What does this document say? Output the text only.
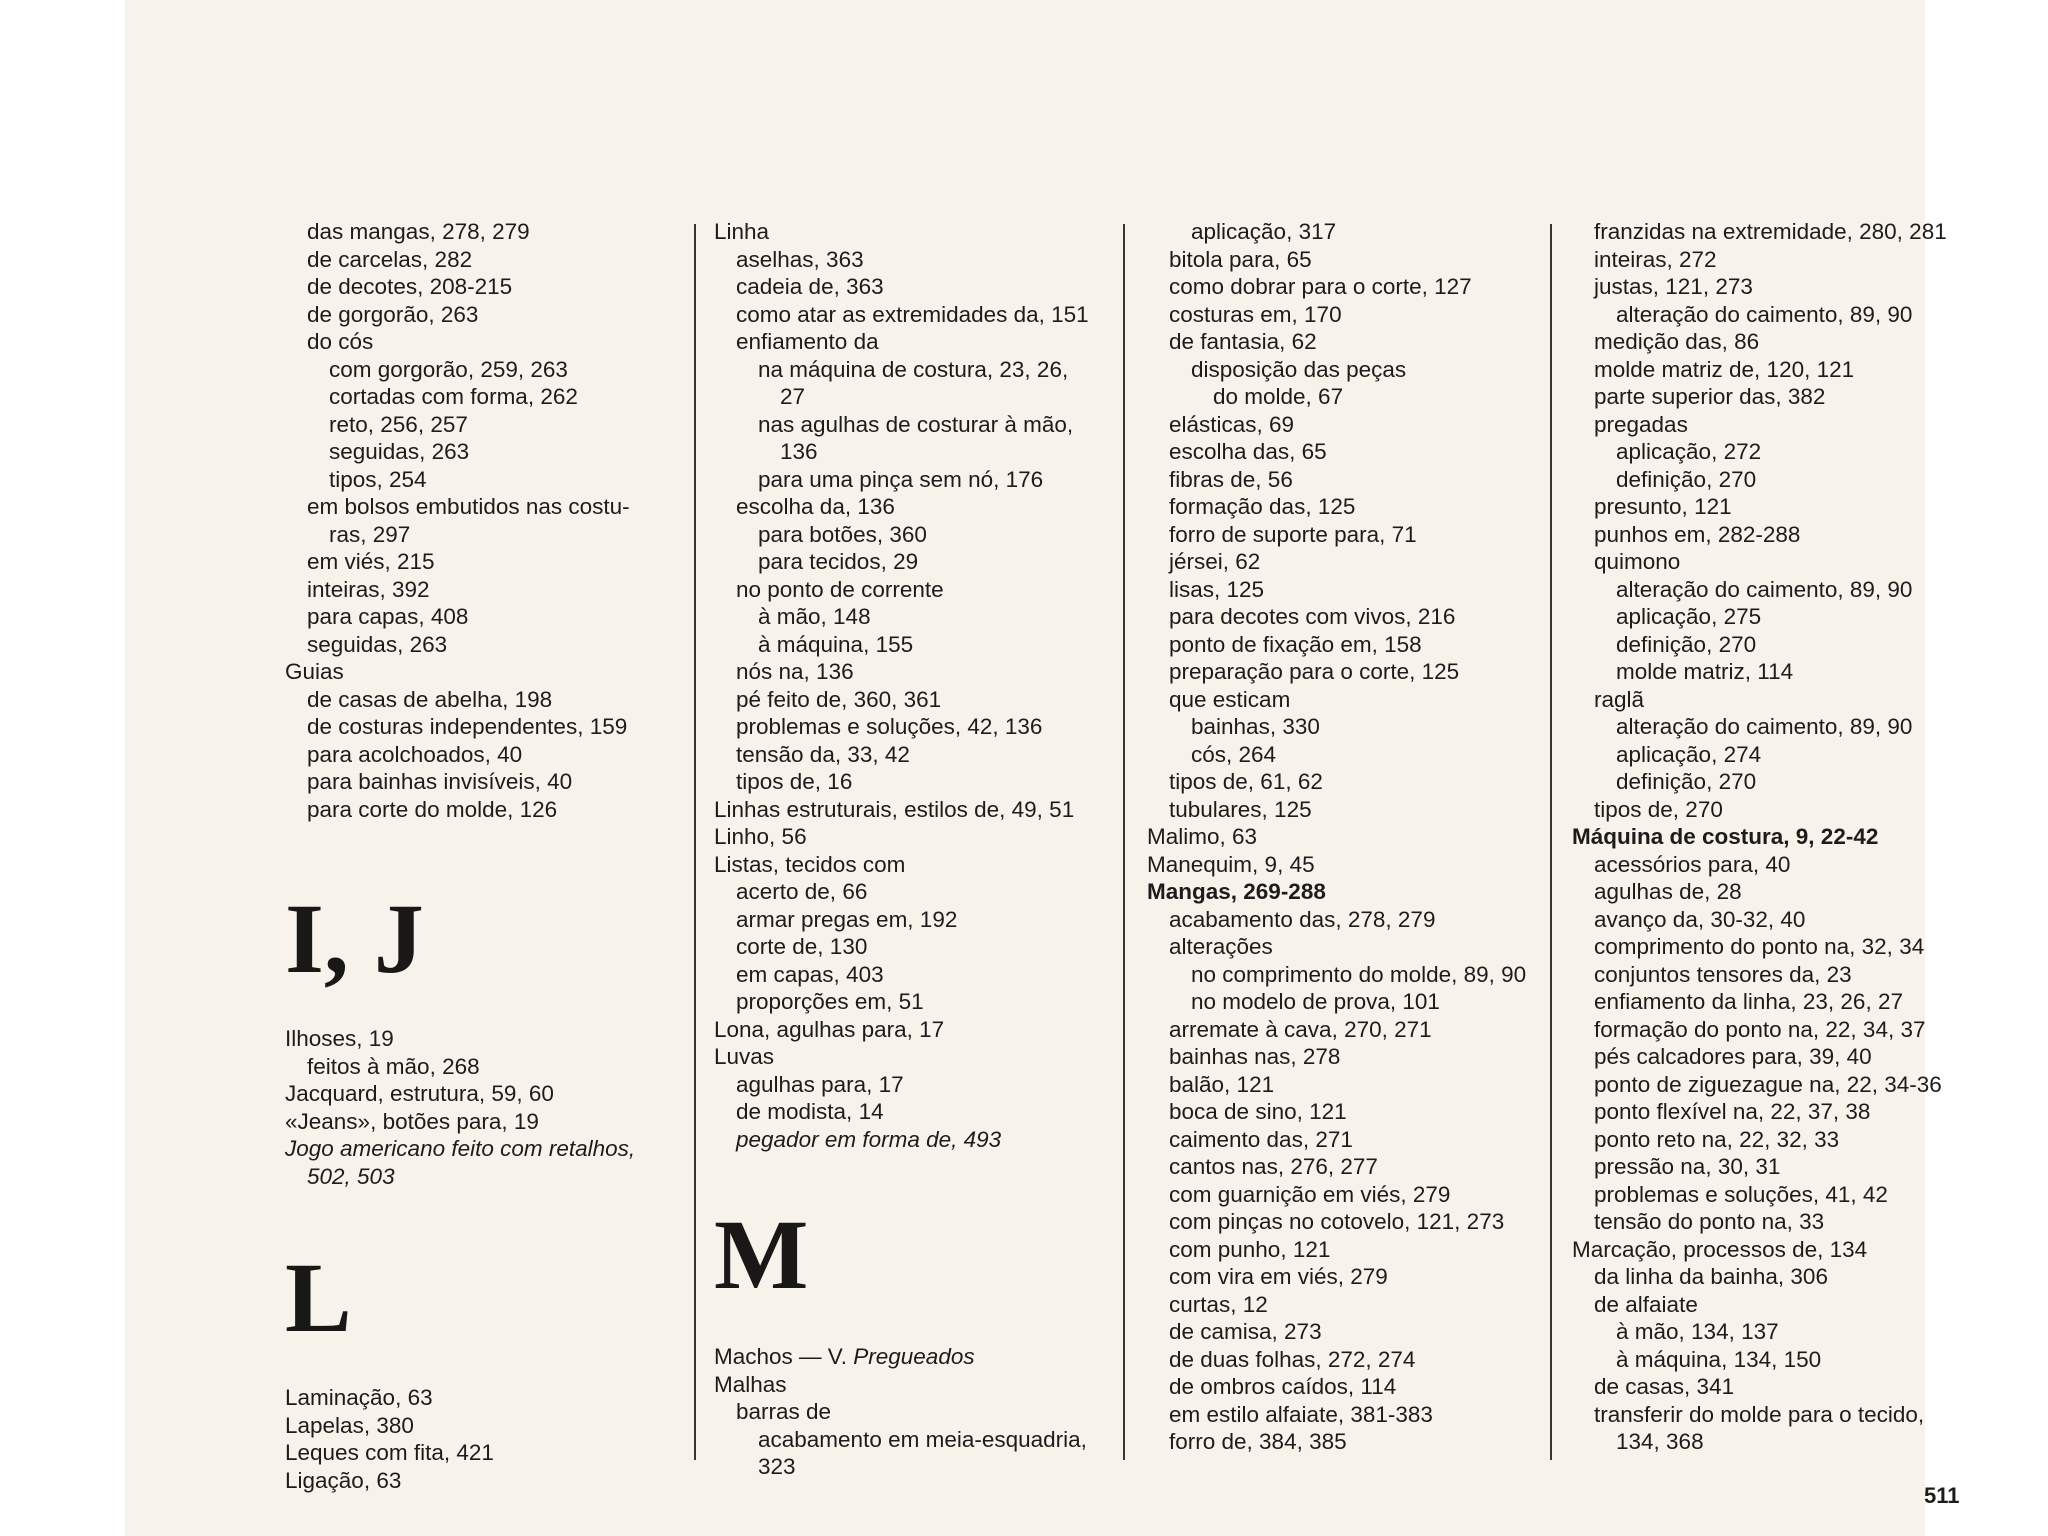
das mangas, 278, 279
de carcelas, 282
de decotes, 208-215
de gorgorão, 263
do cós
com gorgorão, 259, 263
cortadas com forma, 262
reto, 256, 257
seguidas, 263
tipos, 254
em bolsos embutidos nas costu-
ras, 297
em viés, 215
inteiras, 392
para capas, 408
seguidas, 263
Guias
de casas de abelha, 198
de costuras independentes, 159
para acolchoados, 40
para bainhas invisíveis, 40
para corte do molde, 126
I, J
Ilhoses, 19
feitos à mão, 268
Jacquard, estrutura, 59, 60
«Jeans», botões para, 19
Jogo americano feito com retalhos,
502, 503
L
Laminação, 63
Lapelas, 380
Leques com fita, 421
Ligação, 63
Linha
aselhas, 363
cadeia de, 363
como atar as extremidades da, 151
enfiamento da
na máquina de costura, 23, 26,
27
nas agulhas de costurar à mão,
136
para uma pinça sem nó, 176
escolha da, 136
para botões, 360
para tecidos, 29
no ponto de corrente
à mão, 148
à máquina, 155
nós na, 136
pé feito de, 360, 361
problemas e soluções, 42, 136
tensão da, 33, 42
tipos de, 16
Linhas estruturais, estilos de, 49, 51
Linho, 56
Listas, tecidos com
acerto de, 66
armar pregas em, 192
corte de, 130
em capas, 403
proporções em, 51
Lona, agulhas para, 17
Luvas
agulhas para, 17
de modista, 14
pegador em forma de, 493
M
Machos — V. Pregueados
Malhas
barras de
acabamento em meia-esquadria,
323
aplicação, 317
bitola para, 65
como dobrar para o corte, 127
costuras em, 170
de fantasia, 62
disposição das peças
do molde, 67
elásticas, 69
escolha das, 65
fibras de, 56
formação das, 125
forro de suporte para, 71
jérsei, 62
lisas, 125
para decotes com vivos, 216
ponto de fixação em, 158
preparação para o corte, 125
que esticam
bainhas, 330
cós, 264
tipos de, 61, 62
tubulares, 125
Malimo, 63
Manequim, 9, 45
Mangas, 269-288
acabamento das, 278, 279
alterações
no comprimento do molde, 89, 90
no modelo de prova, 101
arremate à cava, 270, 271
bainhas nas, 278
balão, 121
boca de sino, 121
caimento das, 271
cantos nas, 276, 277
com guarnição em viés, 279
com pinças no cotovelo, 121, 273
com punho, 121
com vira em viés, 279
curtas, 12
de camisa, 273
de duas folhas, 272, 274
de ombros caídos, 114
em estilo alfaiate, 381-383
forro de, 384, 385
franzidas na extremidade, 280, 281
inteiras, 272
justas, 121, 273
alteração do caimento, 89, 90
medição das, 86
molde matriz de, 120, 121
parte superior das, 382
pregadas
aplicação, 272
definição, 270
presunto, 121
punhos em, 282-288
quimono
alteração do caimento, 89, 90
aplicação, 275
definição, 270
molde matriz, 114
raglã
alteração do caimento, 89, 90
aplicação, 274
definição, 270
tipos de, 270
Máquina de costura, 9, 22-42
acessórios para, 40
agulhas de, 28
avanço da, 30-32, 40
comprimento do ponto na, 32, 34
conjuntos tensores da, 23
enfiamento da linha, 23, 26, 27
formação do ponto na, 22, 34, 37
pés calcadores para, 39, 40
ponto de ziguezague na, 22, 34-36
ponto flexível na, 22, 37, 38
ponto reto na, 22, 32, 33
pressão na, 30, 31
problemas e soluções, 41, 42
tensão do ponto na, 33
Marcação, processos de, 134
da linha da bainha, 306
de alfaiate
à mão, 134, 137
à máquina, 134, 150
de casas, 341
transferir do molde para o tecido,
134, 368
511
